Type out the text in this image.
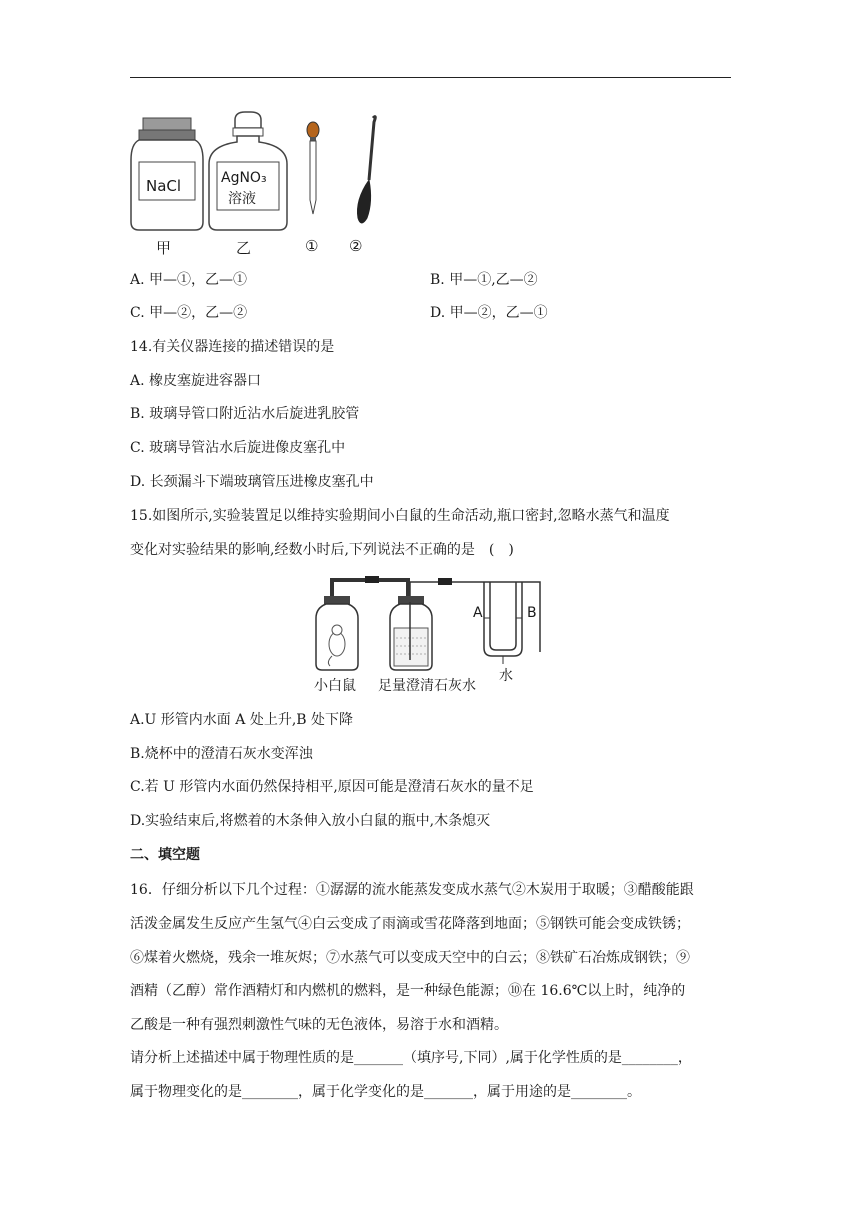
NaCl	AgNO₃
溶液
甲	乙	① ②
A. 甲—①，乙—①	B. 甲—①,乙—②
C. 甲—②，乙—②	D. 甲—②，乙—①
14.有关仪器连接的描述错误的是
A. 橡皮塞旋进容器口
B. 玻璃导管口附近沾水后旋进乳胶管
C. 玻璃导管沾水后旋进像皮塞孔中
D. 长颈漏斗下端玻璃管压进橡皮塞孔中
15.如图所示,实验装置足以维持实验期间小白鼠的生命活动,瓶口密封,忽略水蒸气和温度
变化对实验结果的影响,经数小时后,下列说法不正确的是　(　)
A	B
小白鼠 足量澄清石灰水
水
A.U 形管内水面 A 处上升,B 处下降
B.烧杯中的澄清石灰水变浑浊
C.若 U 形管内水面仍然保持相平,原因可能是澄清石灰水的量不足
D.实验结束后,将燃着的木条伸入放小白鼠的瓶中,木条熄灭
二、填空题
16．仔细分析以下几个过程：①潺潺的流水能蒸发变成水蒸气②木炭用于取暖；③醋酸能跟
活泼金属发生反应产生氢气④白云变成了雨滴或雪花降落到地面；⑤钢铁可能会变成铁锈；
⑥煤着火燃烧，残余一堆灰烬；⑦水蒸气可以变成天空中的白云；⑧铁矿石冶炼成钢铁；⑨
酒精（乙醇）常作酒精灯和内燃机的燃料，是一种绿色能源；⑩在 16.6℃以上时，纯净的
乙酸是一种有强烈刺激性气味的无色液体，易溶于水和酒精。
请分析上述描述中属于物理性质的是_______（填序号,下同）,属于化学性质的是________，
属于物理变化的是________，属于化学变化的是_______，属于用途的是________。
